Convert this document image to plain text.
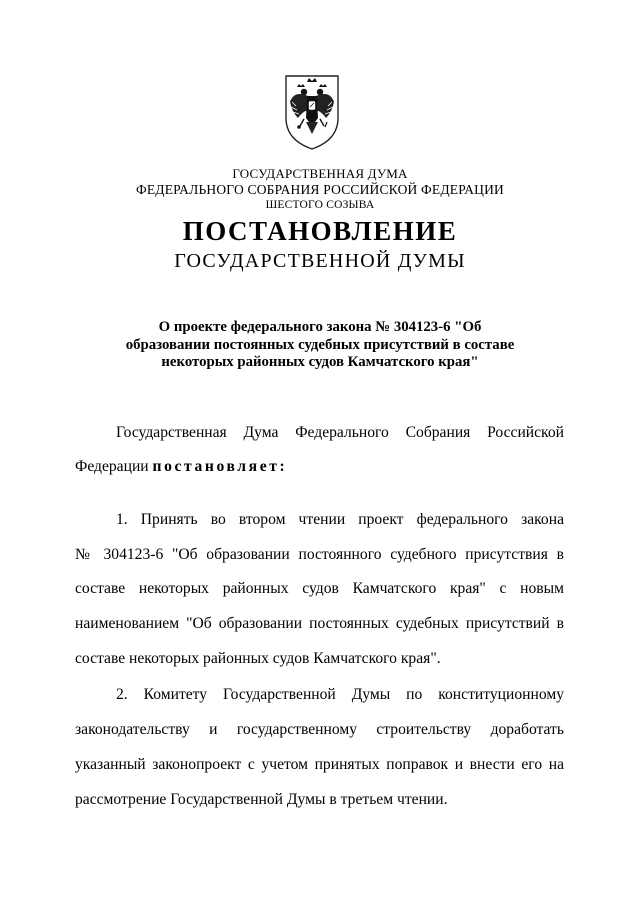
ГОСУДАРСТВЕННАЯ ДУМА
ФЕДЕРАЛЬНОГО СОБРАНИЯ РОССИЙСКОЙ ФЕДЕРАЦИИ
ШЕСТОГО СОЗЫВА
ПОСТАНОВЛЕНИЕ
ГОСУДАРСТВЕННОЙ ДУМЫ
О проекте федерального закона № 304123-6 "Об
образовании постоянных судебных присутствий в составе
некоторых районных судов Камчатского края"
Государственная Дума Федерального Собрания Российской
Федерации постановляет:
1. Принять во втором чтении проект федерального закона
№ 304123-6 "Об образовании постоянного судебного присутствия в
составе некоторых районных судов Камчатского края" с новым
наименованием "Об образовании постоянных судебных присутствий в
составе некоторых районных судов Камчатского края".
2. Комитету Государственной Думы по конституционному
законодательству и государственному строительству доработать
указанный законопроект с учетом принятых поправок и внести его на
рассмотрение Государственной Думы в третьем чтении.
